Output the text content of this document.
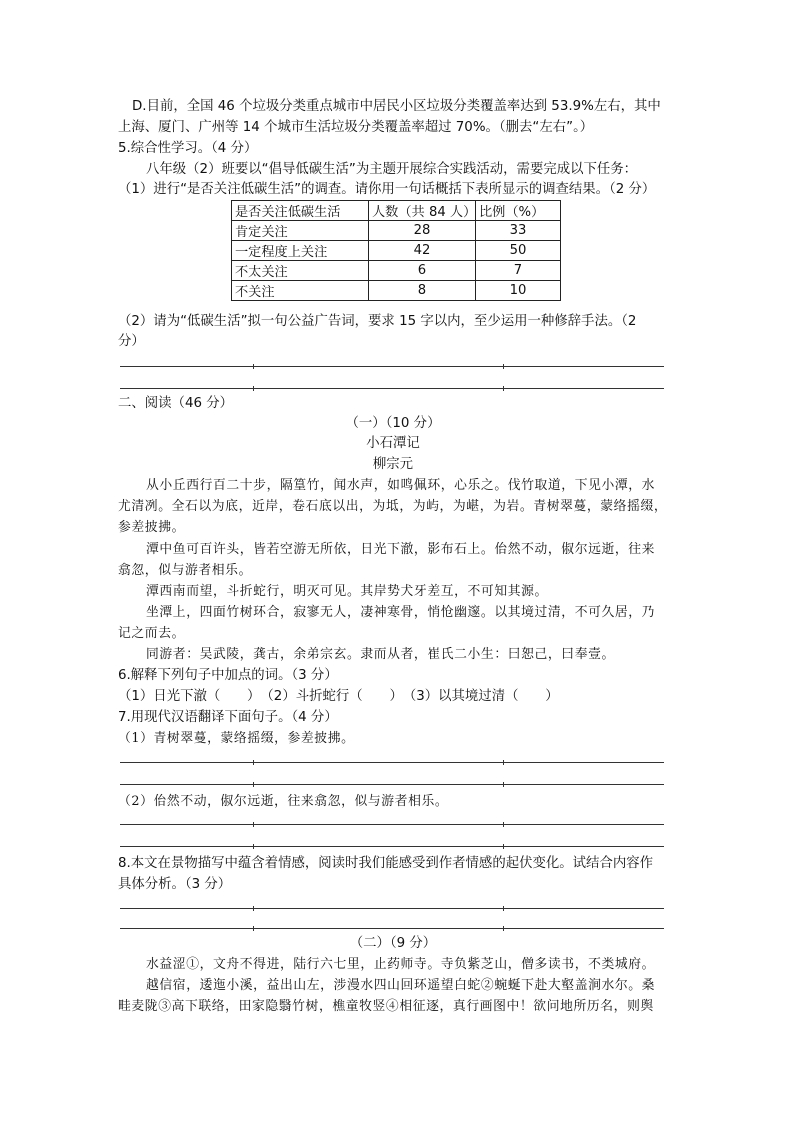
D.目前，全国 46 个垃圾分类重点城市中居民小区垃圾分类覆盖率达到 53.9%左右，其中
上海、厦门、广州等 14 个城市生活垃圾分类覆盖率超过 70%。（删去“左右”。）
5.综合性学习。（4 分）
八年级（2）班要以“倡导低碳生活”为主题开展综合实践活动，需要完成以下任务：
（1）进行“是否关注低碳生活”的调查。请你用一句话概括下表所显示的调查结果。（2 分）
是否关注低碳生活	人数（共 84 人）	比例（%）
肯定关注	28	33
一定程度上关注	42	50
不太关注	6	7
不关注	8	10
（2）请为“低碳生活”拟一句公益广告词，要求 15 字以内，至少运用一种修辞手法。（2
分）
二、阅读（46 分）
（一）（10 分）
小石潭记
柳宗元
从小丘西行百二十步，隔篁竹，闻水声，如鸣佩环，心乐之。伐竹取道，下见小潭，水
尤清冽。全石以为底，近岸，卷石底以出，为坻，为屿，为嵁，为岩。青树翠蔓，蒙络摇缀，
参差披拂。
潭中鱼可百许头，皆若空游无所依，日光下澈，影布石上。佁然不动，俶尔远逝，往来
翕忽，似与游者相乐。
潭西南而望，斗折蛇行，明灭可见。其岸势犬牙差互，不可知其源。
坐潭上，四面竹树环合，寂寥无人，凄神寒骨，悄怆幽邃。以其境过清，不可久居，乃
记之而去。
同游者：吴武陵，龚古，余弟宗玄。隶而从者，崔氏二小生：曰恕己，曰奉壹。
6.解释下列句子中加点的词。（3 分）
（1）日光下澈（　　）　（2）斗折蛇行（　　）　（3）以其境过清（　　）
7.用现代汉语翻译下面句子。（4 分）
（1）青树翠蔓，蒙络摇缀，参差披拂。
（2）佁然不动，俶尔远逝，往来翕忽，似与游者相乐。
8.本文在景物描写中蕴含着情感，阅读时我们能感受到作者情感的起伏变化。试结合内容作
具体分析。（3 分）
（二）（9 分）
水益涩①，文舟不得进，陆行六七里，止药师寺。寺负紫芝山，僧多读书，不类城府。
越信宿，逶迤小溪，益出山左，涉漫水四山回环遥望白蛇②蜿蜒下赴大壑盖涧水尔。桑
畦麦陇③高下联络，田家隐翳竹树，樵童牧竖④相征逐，真行画图中！欲问地所历名，则舆
